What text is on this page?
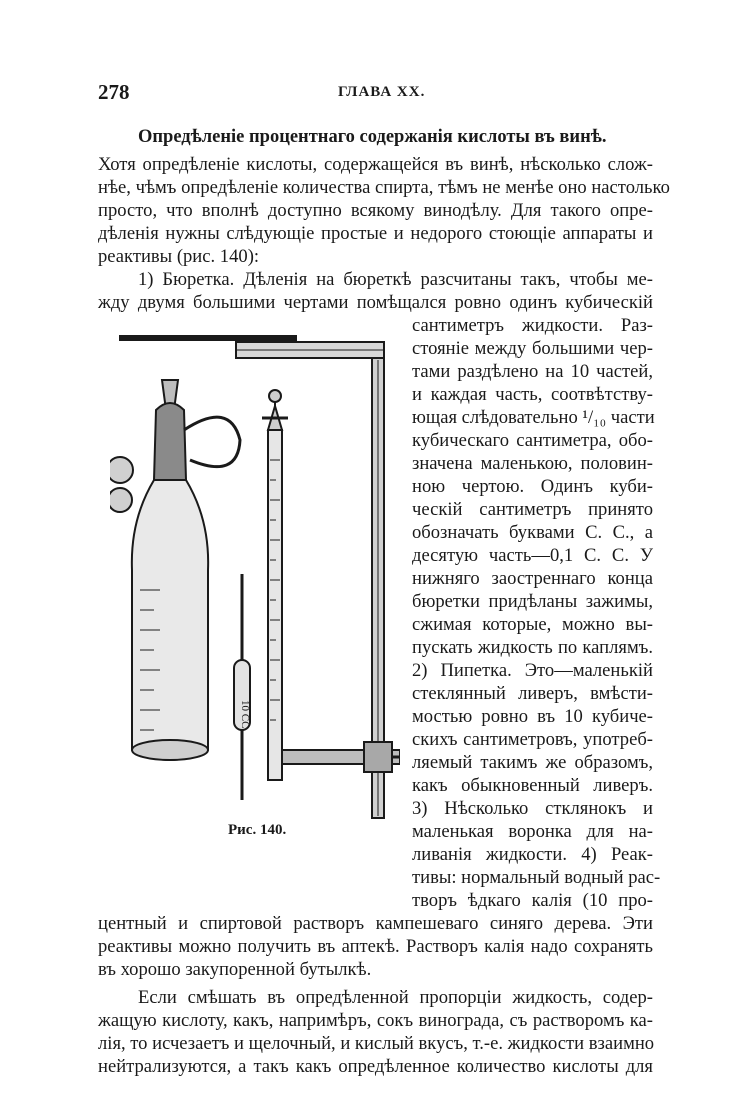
278	ГЛАВА ХХ.
Опредѣленіе процентнаго содержанія кислоты въ винѣ.
Хотя опредѣленіе кислоты, содержащейся въ винѣ, нѣсколько слож-
нѣе, чѣмъ опредѣленіе количества спирта, тѣмъ не менѣе оно настолько
просто, что вполнѣ доступно всякому винодѣлу. Для такого опре-
дѣленія нужны слѣдующіе простые и недорого стоющіе аппараты и
реактивы (рис. 140):
1) Бюретка. Дѣленія на бюреткѣ разсчитаны такъ, чтобы ме-
жду двумя большими чертами помѣщался ровно одинъ кубическій
сантиметръ жидкости. Раз-
стояніе между большими чер-
тами раздѣлено на 10 частей,
и каждая часть, соотвѣтству-
ющая слѣдовательно ¹/₁₀ части
кубическаго сантиметра, обо-
значена маленькою, половин-
ною чертою. Одинъ куби-
ческій сантиметръ принято
обозначать буквами С. С., а
десятую часть—0,1 С. С. У
нижняго заостреннаго конца
бюретки придѣланы зажимы,
сжимая которые, можно вы-
пускать жидкость по каплямъ.
2) Пипетка. Это—маленькій
стеклянный ливеръ, вмѣсти-
мостью ровно въ 10 кубиче-
скихъ сантиметровъ, употреб-
ляемый такимъ же образомъ,
какъ обыкновенный ливеръ.
3) Нѣсколько стклянокъ и
маленькая воронка для на-
ливанія жидкости. 4) Реак-
тивы: нормальный водный рас-
творъ ѣдкаго калія (10 про-
центный и спиртовой растворъ кампешеваго синяго дерева. Эти
реактивы можно получить въ аптекѣ. Растворъ калія надо сохранять
въ хорошо закупоренной бутылкѣ.
Если смѣшать въ опредѣленной пропорціи жидкость, содер-
жащую кислоту, какъ, напримѣръ, сокъ винограда, съ растворомъ ка-
лія, то исчезаетъ и щелочный, и кислый вкусъ, т.-е. жидкости взаимно
нейтрализуются, а такъ какъ опредѣленное количество кислоты для
10 СС
Рис. 140.
